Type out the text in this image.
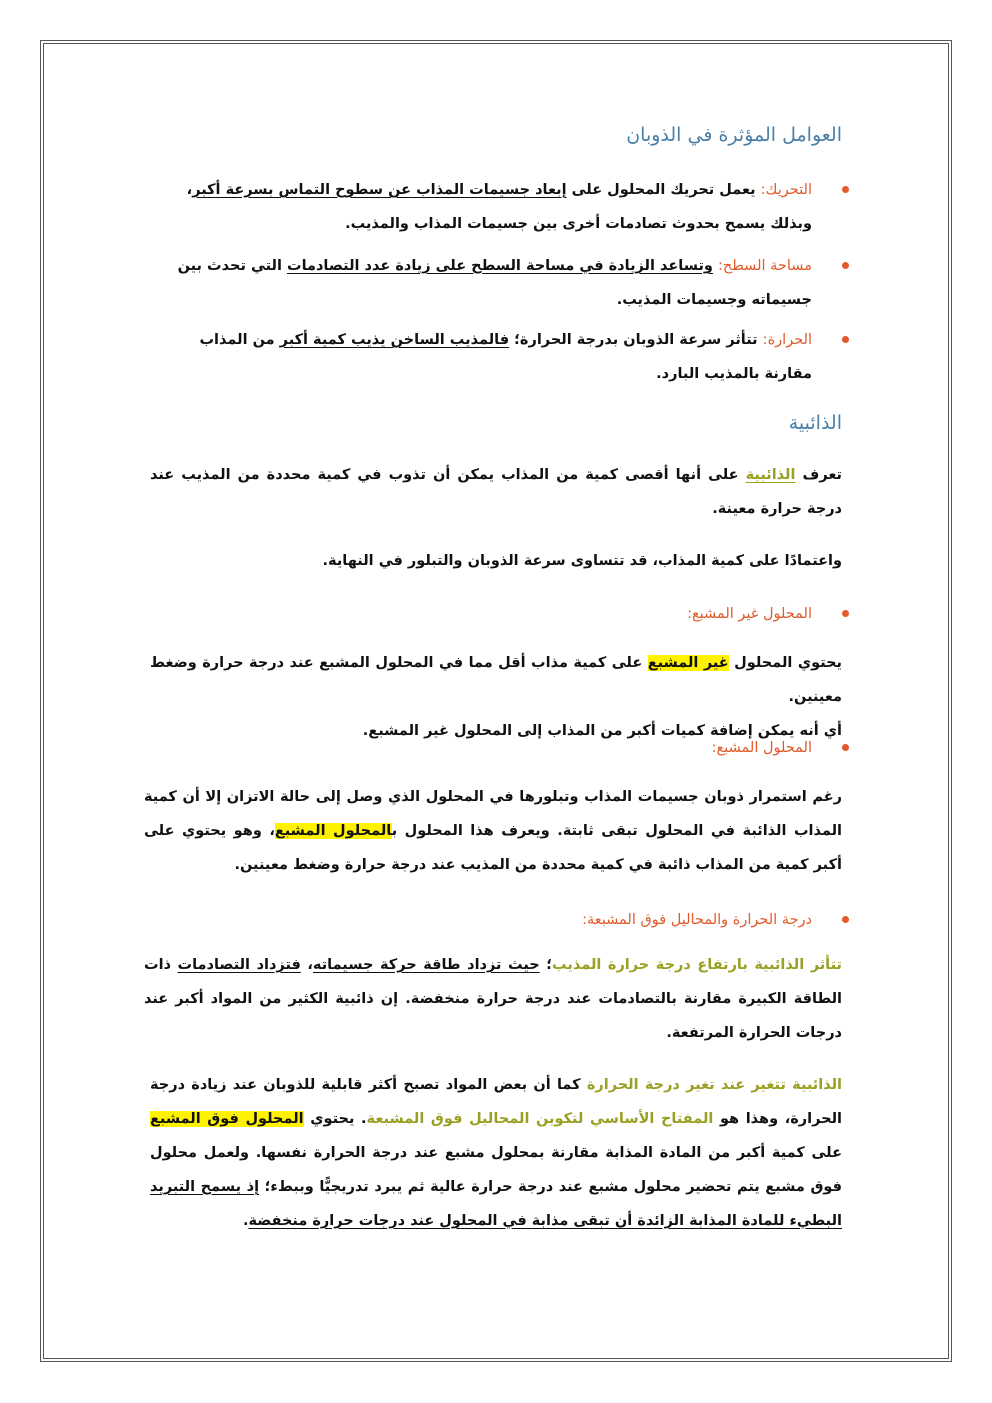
العوامل المؤثرة في الذوبان
التحريك: يعمل تحريك المحلول على إبعاد جسيمات المذاب عن سطوح التماس بسرعة أكبر، وبذلك يسمح بحدوث تصادمات أخرى بين جسيمات المذاب والمذيب.
مساحة السطح: وتساعد الزيادة في مساحة السطح على زيادة عدد التصادمات التي تحدث بين جسيماته وجسيمات المذيب.
الحرارة: تتأثر سرعة الذوبان بدرجة الحرارة؛ فالمذيب الساخن يذيب كمية أكبر من المذاب مقارنة بالمذيب البارد.
الذائبية
تعرف الذائبية على أنها أقصى كمية من المذاب يمكن أن تذوب في كمية محددة من المذيب عند درجة حرارة معينة.
واعتمادًا على كمية المذاب، قد تتساوى سرعة الذوبان والتبلور في النهاية.
المحلول غير المشبع:
يحتوي المحلول غير المشبع على كمية مذاب أقل مما في المحلول المشبع عند درجة حرارة وضغط معينين.
أي أنه يمكن إضافة كميات أكبر من المذاب إلى المحلول غير المشبع.
المحلول المشبع:
رغم استمرار ذوبان جسيمات المذاب وتبلورها في المحلول الذي وصل إلى حالة الاتزان إلا أن كمية المذاب الذائبة في المحلول تبقى ثابتة. ويعرف هذا المحلول بالمحلول المشبع، وهو يحتوي على أكبر كمية من المذاب ذائبة في كمية محددة من المذيب عند درجة حرارة وضغط معينين.
درجة الحرارة والمحاليل فوق المشبعة:
تتأثر الذائبية بارتفاع درجة حرارة المذيب؛ حيث تزداد طاقة حركة جسيماته، فتزداد التصادمات ذات الطاقة الكبيرة مقارنة بالتصادمات عند درجة حرارة منخفضة. إن ذائبية الكثير من المواد أكبر عند درجات الحرارة المرتفعة.
الذائبية تتغير عند تغير درجة الحرارة كما أن بعض المواد تصبح أكثر قابلية للذوبان عند زيادة درجة الحرارة، وهذا هو المفتاح الأساسي لتكوين المحاليل فوق المشبعة. يحتوي المحلول فوق المشبع على كمية أكبر من المادة المذابة مقارنة بمحلول مشبع عند درجة الحرارة نفسها. ولعمل محلول فوق مشبع يتم تحضير محلول مشبع عند درجة حرارة عالية ثم يبرد تدريجيًّا وببطء؛ إذ يسمح التبريد البطيء للمادة المذابة الزائدة أن تبقى مذابة في المحلول عند درجات حرارة منخفضة.
